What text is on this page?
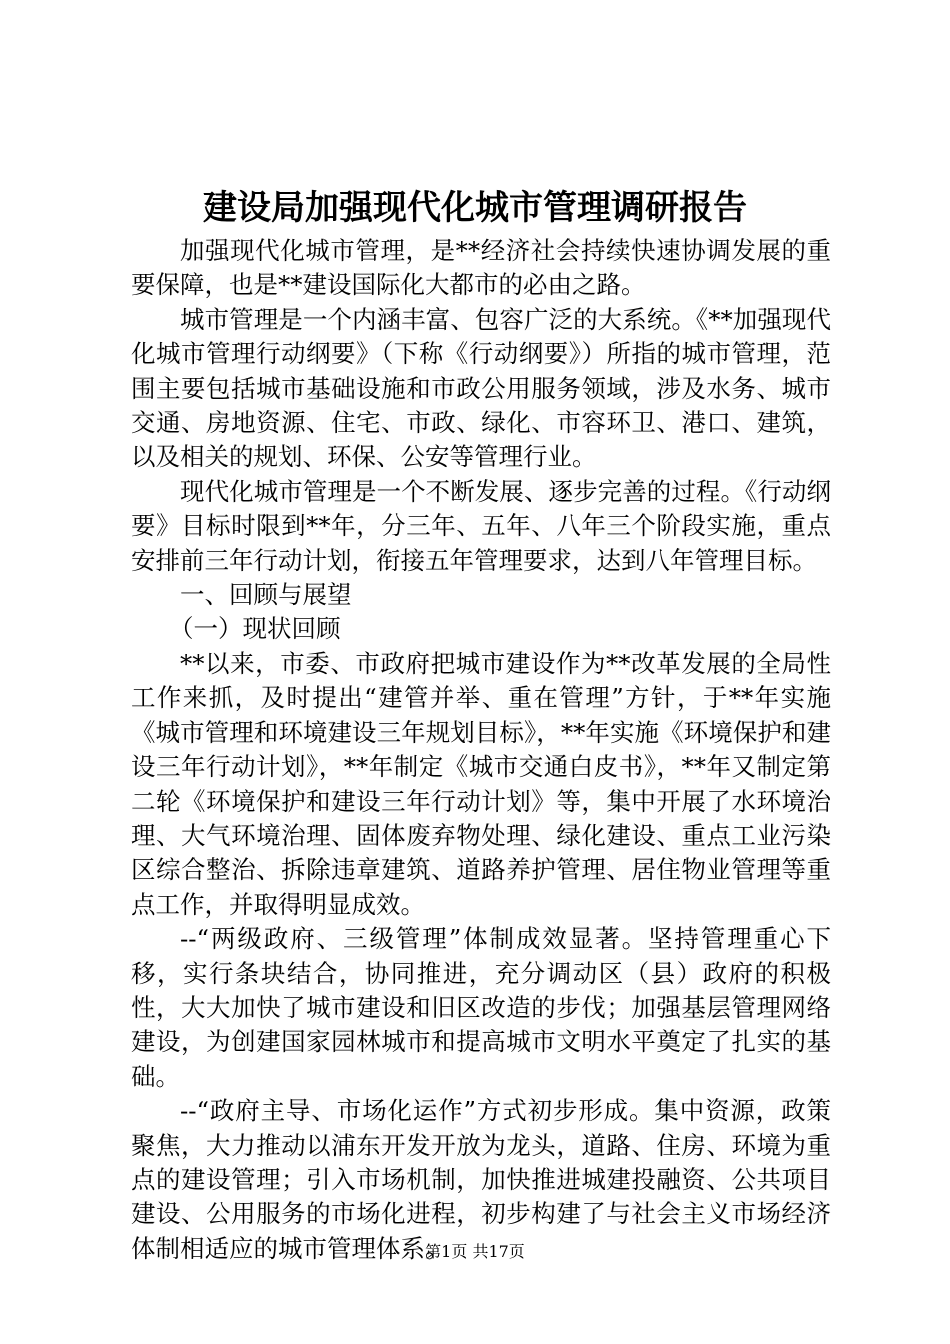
建设局加强现代化城市管理调研报告

加强现代化城市管理，是**经济社会持续快速协调发展的重要保障，也是**建设国际化大都市的必由之路。

城市管理是一个内涵丰富、包容广泛的大系统。《**加强现代化城市管理行动纲要》（下称《行动纲要》）所指的城市管理，范围主要包括城市基础设施和市政公用服务领域，涉及水务、城市交通、房地资源、住宅、市政、绿化、市容环卫、港口、建筑，以及相关的规划、环保、公安等管理行业。

现代化城市管理是一个不断发展、逐步完善的过程。《行动纲要》目标时限到**年，分三年、五年、八年三个阶段实施，重点安排前三年行动计划，衔接五年管理要求，达到八年管理目标。

一、回顾与展望

（一）现状回顾

**以来，市委、市政府把城市建设作为**改革发展的全局性工作来抓，及时提出“建管并举、重在管理”方针，于**年实施《城市管理和环境建设三年规划目标》，**年实施《环境保护和建设三年行动计划》，**年制定《城市交通白皮书》，**年又制定第二轮《环境保护和建设三年行动计划》等，集中开展了水环境治理、大气环境治理、固体废弃物处理、绿化建设、重点工业污染区综合整治、拆除违章建筑、道路养护管理、居住物业管理等重点工作，并取得明显成效。

--“两级政府、三级管理”体制成效显著。坚持管理重心下移，实行条块结合，协同推进，充分调动区（县）政府的积极性，大大加快了城市建设和旧区改造的步伐；加强基层管理网络建设，为创建国家园林城市和提高城市文明水平奠定了扎实的基础。

--“政府主导、市场化运作”方式初步形成。集中资源，政策聚焦，大力推动以浦东开发开放为龙头，道路、住房、环境为重点的建设管理；引入市场机制，加快推进城建投融资、公共项目建设、公用服务的市场化进程，初步构建了与社会主义市场经济体制相适应的城市管理体系。

第1页 共17页
